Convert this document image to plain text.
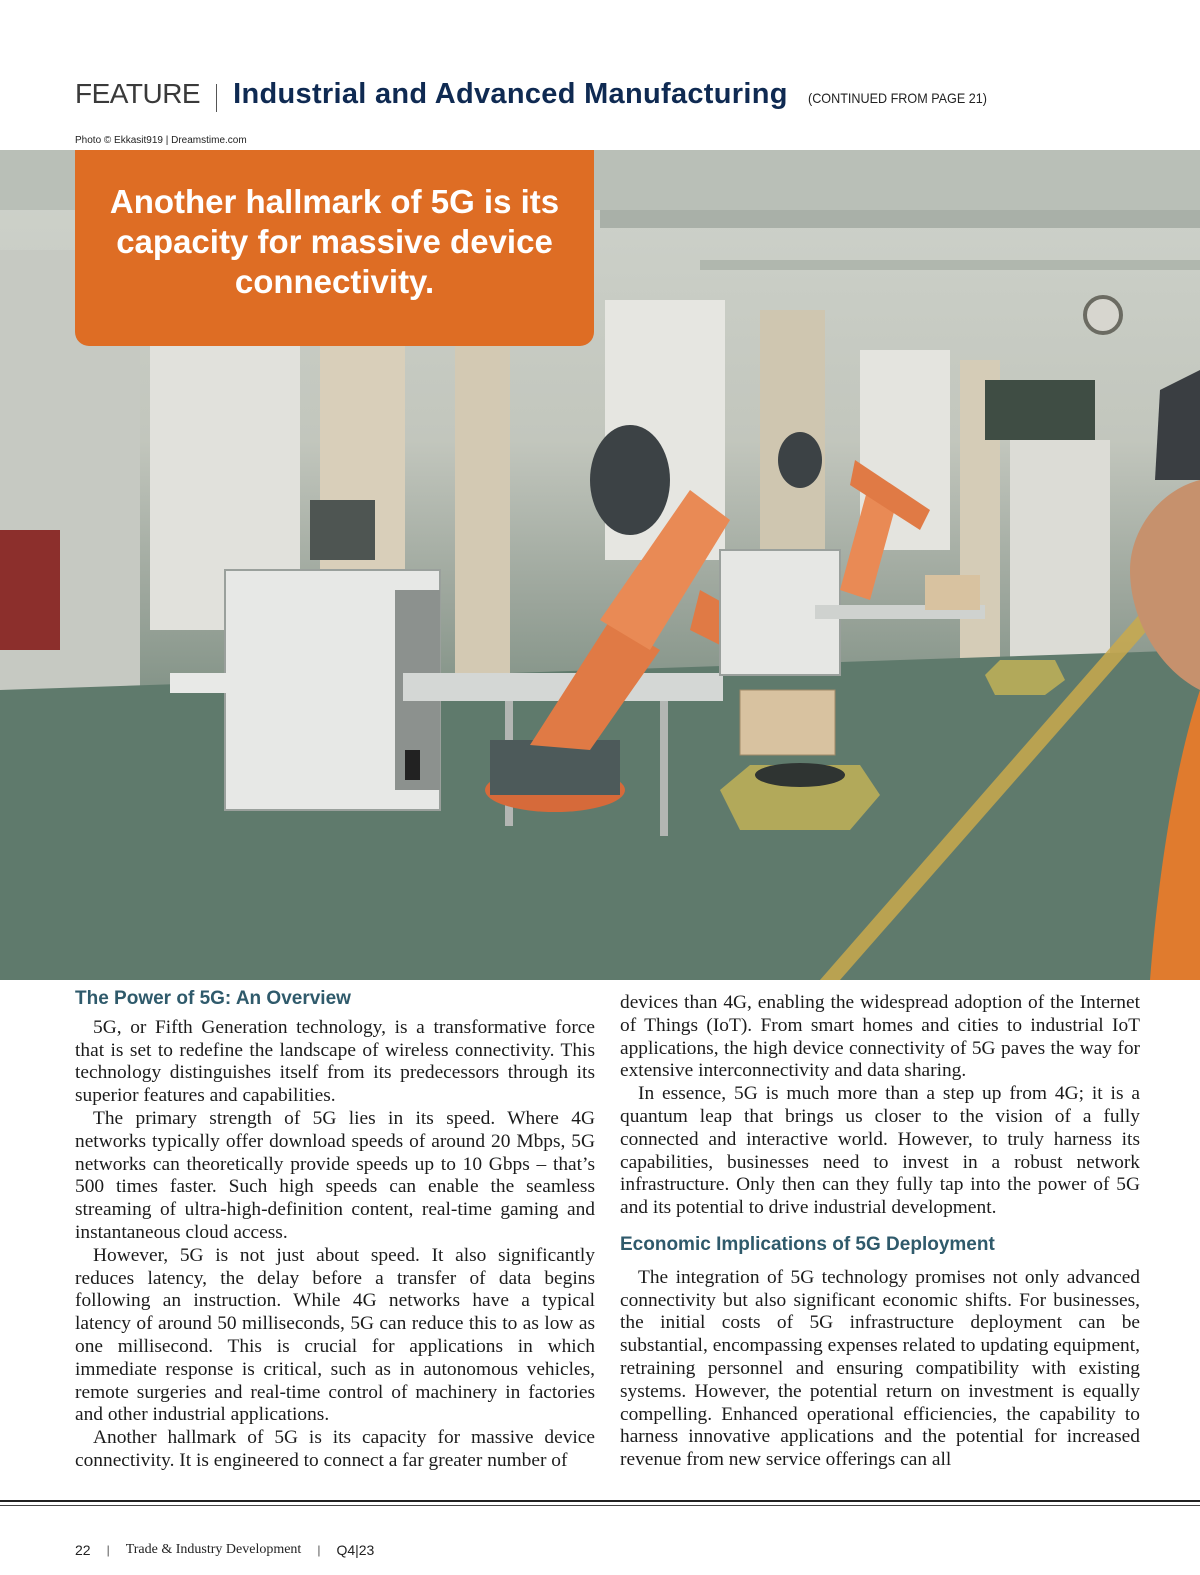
FEATURE Industrial and Advanced Manufacturing (CONTINUED FROM PAGE 21)
Photo © Ekkasit919 | Dreamstime.com
Another hallmark of 5G is its capacity for massive device connectivity.
The Power of 5G: An Overview

5G, or Fifth Generation technology, is a transformative force that is set to redefine the landscape of wireless connectivity. This technology distinguishes itself from its predecessors through its superior features and capabilities.

The primary strength of 5G lies in its speed. Where 4G networks typically offer download speeds of around 20 Mbps, 5G networks can theoretically provide speeds up to 10 Gbps – that’s 500 times faster. Such high speeds can enable the seamless streaming of ultra-high-definition content, real-time gaming and instantaneous cloud access.

However, 5G is not just about speed. It also significantly reduces latency, the delay before a transfer of data begins following an instruction. While 4G networks have a typical latency of around 50 milliseconds, 5G can reduce this to as low as one millisecond. This is crucial for applications in which immediate response is critical, such as in autonomous vehicles, remote surgeries and real-time control of machinery in factories and other industrial applications.

Another hallmark of 5G is its capacity for massive device connectivity. It is engineered to connect a far greater number of

devices than 4G, enabling the widespread adoption of the Internet of Things (IoT). From smart homes and cities to industrial IoT applications, the high device connectivity of 5G paves the way for extensive interconnectivity and data sharing.

In essence, 5G is much more than a step up from 4G; it is a quantum leap that brings us closer to the vision of a fully connected and interactive world. However, to truly harness its capabilities, businesses need to invest in a robust network infrastructure. Only then can they fully tap into the power of 5G and its potential to drive industrial development.

Economic Implications of 5G Deployment

The integration of 5G technology promises not only advanced connectivity but also significant economic shifts. For businesses, the initial costs of 5G infrastructure deployment can be substantial, encompassing expenses related to updating equipment, retraining personnel and ensuring compatibility with existing systems. However, the potential return on investment is equally compelling. Enhanced operational efficiencies, the capability to harness innovative applications and the potential for increased revenue from new service offerings can all

22 | Trade & Industry Development | Q4|23
